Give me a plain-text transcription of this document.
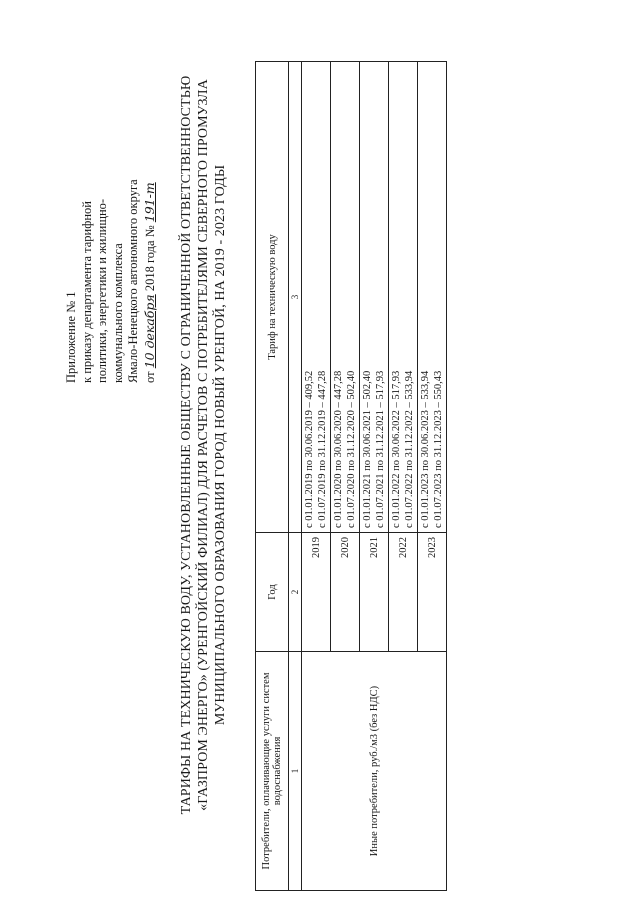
Приложение № 1 к приказу департамента тарифной политики, энергетики и жилищно- коммунального комплекса Ямало-Ненецкого автономного округа от 10 декабря 2018 года № 191-т ТАРИФЫ НА ТЕХНИЧЕСКУЮ ВОДУ, УСТАНОВЛЕННЫЕ ОБЩЕСТВУ С ОГРАНИЧЕННОЙ ОТВЕТСТВЕННОСТЬЮ «ГАЗПРОМ ЭНЕРГО» (УРЕНГОЙСКИЙ ФИЛИАЛ) ДЛЯ РАСЧЕТОВ С ПОТРЕБИТЕЛЯМИ СЕВЕРНОГО ПРОМУЗЛА МУНИЦИПАЛЬНОГО ОБРАЗОВАНИЯ ГОРОД НОВЫЙ УРЕНГОЙ, НА 2019 - 2023 ГОДЫ
Потребители, оплачивающие услуги систем водоснабжения	Год	Тариф на техническую воду
1	2	3
Иные потребители, руб./м3 (без НДС)	2019	с 01.01.2019 по 30.06.2019 – 409,52 с 01.07.2019 по 31.12.2019 – 447,28

	2020	с 01.01.2020 по 30.06.2020 – 447,28 с 01.07.2020 по 31.12.2020 – 502,40

	2021	с 01.01.2021 по 30.06.2021 – 502,40 с 01.07.2021 по 31.12.2021 – 517,93

	2022	с 01.01.2022 по 30.06.2022 – 517,93 с 01.07.2022 по 31.12.2022 – 533,94

	2023	с 01.01.2023 по 30.06.2023 – 533,94 с 01.07.2023 по 31.12.2023 – 550,43
